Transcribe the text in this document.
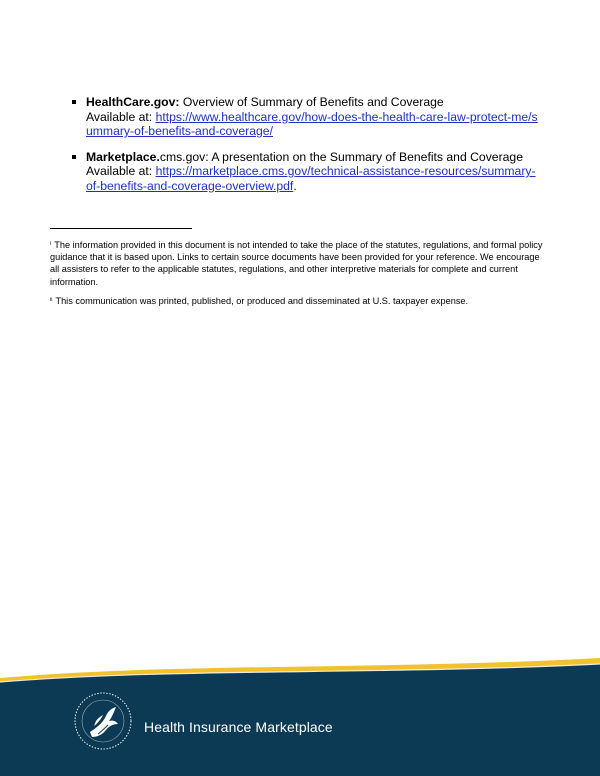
HealthCare.gov: Overview of Summary of Benefits and Coverage
Available at: https://www.healthcare.gov/how-does-the-health-care-law-protect-me/summary-of-benefits-and-coverage/
Marketplace.cms.gov: A presentation on the Summary of Benefits and Coverage
Available at: https://marketplace.cms.gov/technical-assistance-resources/summary-of-benefits-and-coverage-overview.pdf.

$^i$ The information provided in this document is not intended to take the place of the statutes, regulations, and formal policy guidance that it is based upon. Links to certain source documents have been provided for your reference. We encourage all assisters to refer to the applicable statutes, regulations, and other interpretive materials for complete and current information.

$^{ii}$ This communication was printed, published, or produced and disseminated at U.S. taxpayer expense.

Health Insurance Marketplace
